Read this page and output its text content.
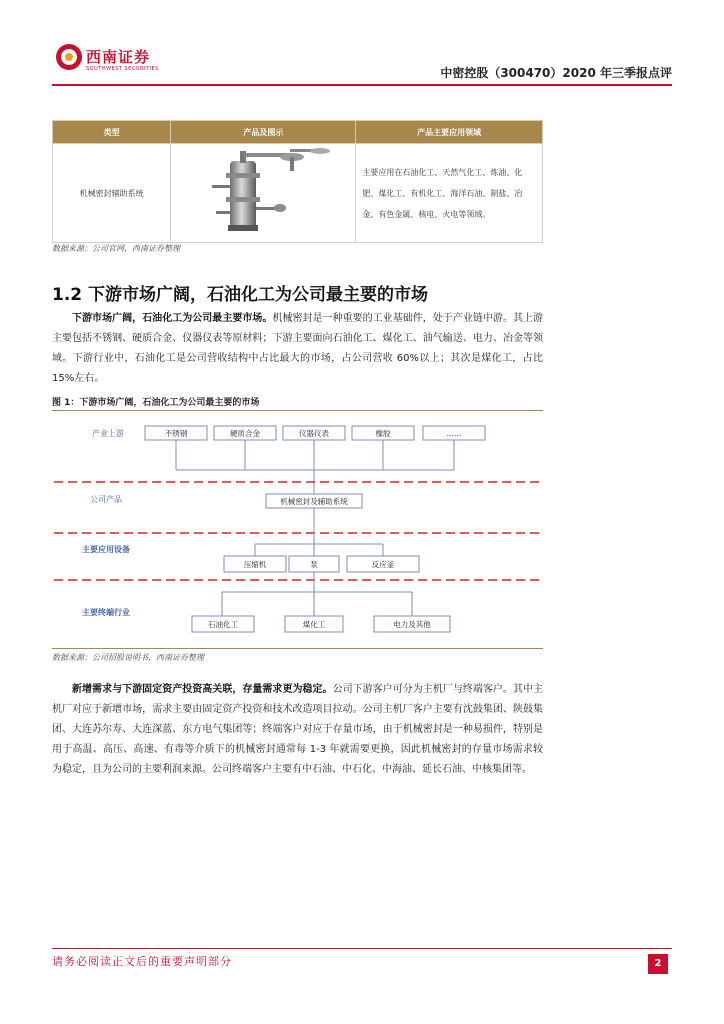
西南证券
SOUTHWEST SECURITIES	中密控股（300470）2020 年三季报点评
类型	产品及图示	产品主要应用领域
机械密封辅助系统		主要应用在石油化工、天然气化工、炼油、化肥、煤化工、有机化工、海洋石油、制盐、冶金、有色金属、核电、火电等领域。
数据来源：公司官网，西南证券整理
1.2 下游市场广阔，石油化工为公司最主要的市场
下游市场广阔，石油化工为公司最主要市场。机械密封是一种重要的工业基础件，处于产业链中游。其上游主要包括不锈钢、硬质合金、仪器仪表等原材料；下游主要面向石油化工、煤化工、油气输送、电力、冶金等领域。下游行业中，石油化工是公司营收结构中占比最大的市场，占公司营收 60%以上；其次是煤化工，占比 15%左右。
图 1：下游市场广阔，石油化工为公司最主要的市场
产业上游
公司产品
主要应用设备
主要终端行业
不锈钢	硬质合金	仪器仪表	橡胶	……
机械密封及辅助系统
压缩机	泵	反应釜
石油化工	煤化工	电力及其他
数据来源：公司招股说明书，西南证券整理
新增需求与下游固定资产投资高关联，存量需求更为稳定。公司下游客户可分为主机厂与终端客户。其中主机厂对应于新增市场，需求主要由固定资产投资和技术改造项目拉动。公司主机厂客户主要有沈鼓集团、陕鼓集团、大连苏尔寿、大连深蓝、东方电气集团等；终端客户对应于存量市场，由于机械密封是一种易损件，特别是用于高温、高压、高速、有毒等介质下的机械密封通常每 1-3 年就需要更换，因此机械密封的存量市场需求较为稳定，且为公司的主要利润来源。公司终端客户主要有中石油、中石化、中海油、延长石油、中核集团等。
请务必阅读正文后的重要声明部分	2
